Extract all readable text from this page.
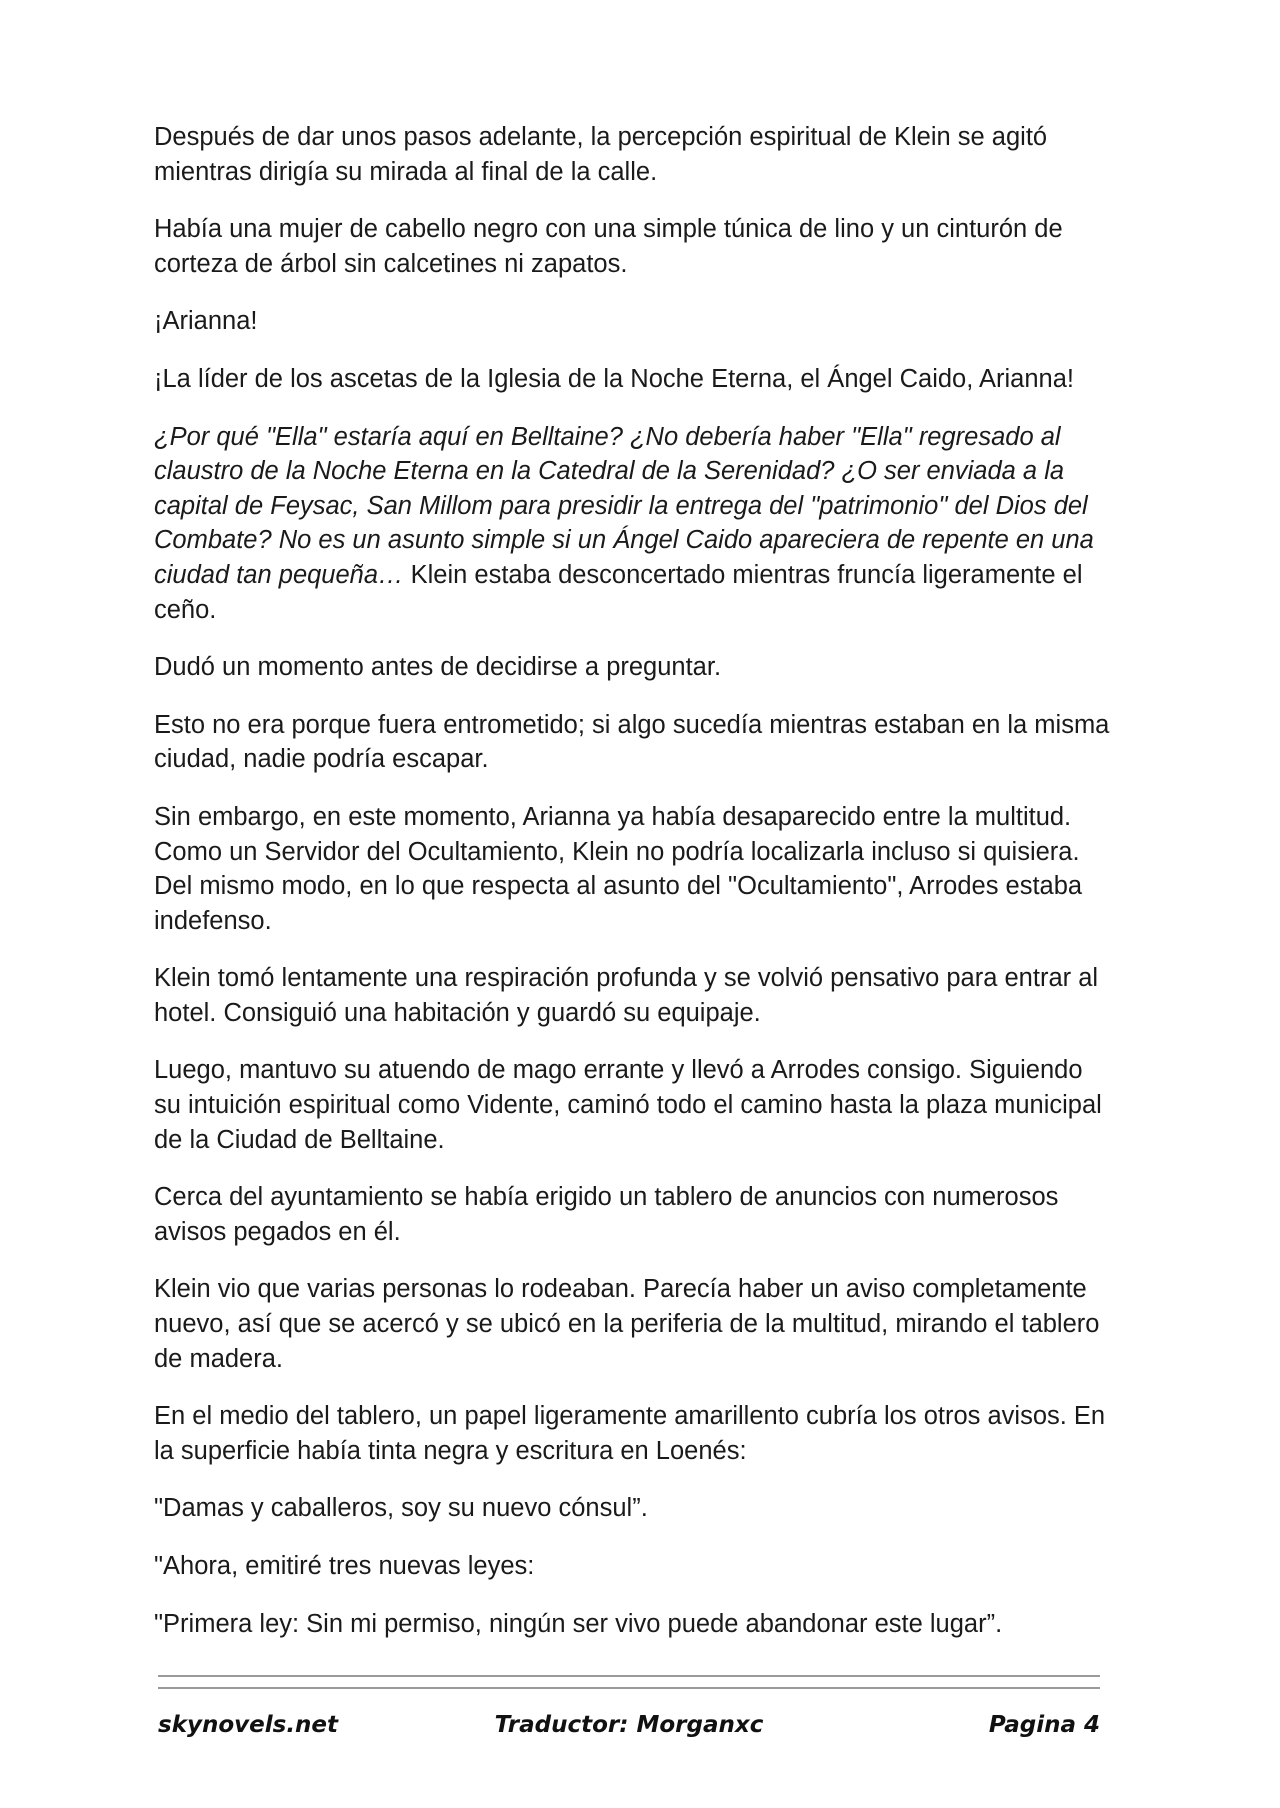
Después de dar unos pasos adelante, la percepción espiritual de Klein se agitó mientras dirigía su mirada al final de la calle.

Había una mujer de cabello negro con una simple túnica de lino y un cinturón de corteza de árbol sin calcetines ni zapatos.

¡Arianna!

¡La líder de los ascetas de la Iglesia de la Noche Eterna, el Ángel Caido, Arianna!

¿Por qué "Ella" estaría aquí en Belltaine? ¿No debería haber "Ella" regresado al claustro de la Noche Eterna en la Catedral de la Serenidad? ¿O ser enviada a la capital de Feysac, San Millom para presidir la entrega del "patrimonio" del Dios del Combate? No es un asunto simple si un Ángel Caido apareciera de repente en una ciudad tan pequeña… Klein estaba desconcertado mientras fruncía ligeramente el ceño.

Dudó un momento antes de decidirse a preguntar.

Esto no era porque fuera entrometido; si algo sucedía mientras estaban en la misma ciudad, nadie podría escapar.

Sin embargo, en este momento, Arianna ya había desaparecido entre la multitud. Como un Servidor del Ocultamiento, Klein no podría localizarla incluso si quisiera. Del mismo modo, en lo que respecta al asunto del "Ocultamiento", Arrodes estaba indefenso.

Klein tomó lentamente una respiración profunda y se volvió pensativo para entrar al hotel. Consiguió una habitación y guardó su equipaje.

Luego, mantuvo su atuendo de mago errante y llevó a Arrodes consigo. Siguiendo su intuición espiritual como Vidente, caminó todo el camino hasta la plaza municipal de la Ciudad de Belltaine.

Cerca del ayuntamiento se había erigido un tablero de anuncios con numerosos avisos pegados en él.

Klein vio que varias personas lo rodeaban. Parecía haber un aviso completamente nuevo, así que se acercó y se ubicó en la periferia de la multitud, mirando el tablero de madera.

En el medio del tablero, un papel ligeramente amarillento cubría los otros avisos. En la superficie había tinta negra y escritura en Loenés:

"Damas y caballeros, soy su nuevo cónsul”.

"Ahora, emitiré tres nuevas leyes:

"Primera ley: Sin mi permiso, ningún ser vivo puede abandonar este lugar”.

skynovels.net	Traductor: Morganxc	Pagina 4
